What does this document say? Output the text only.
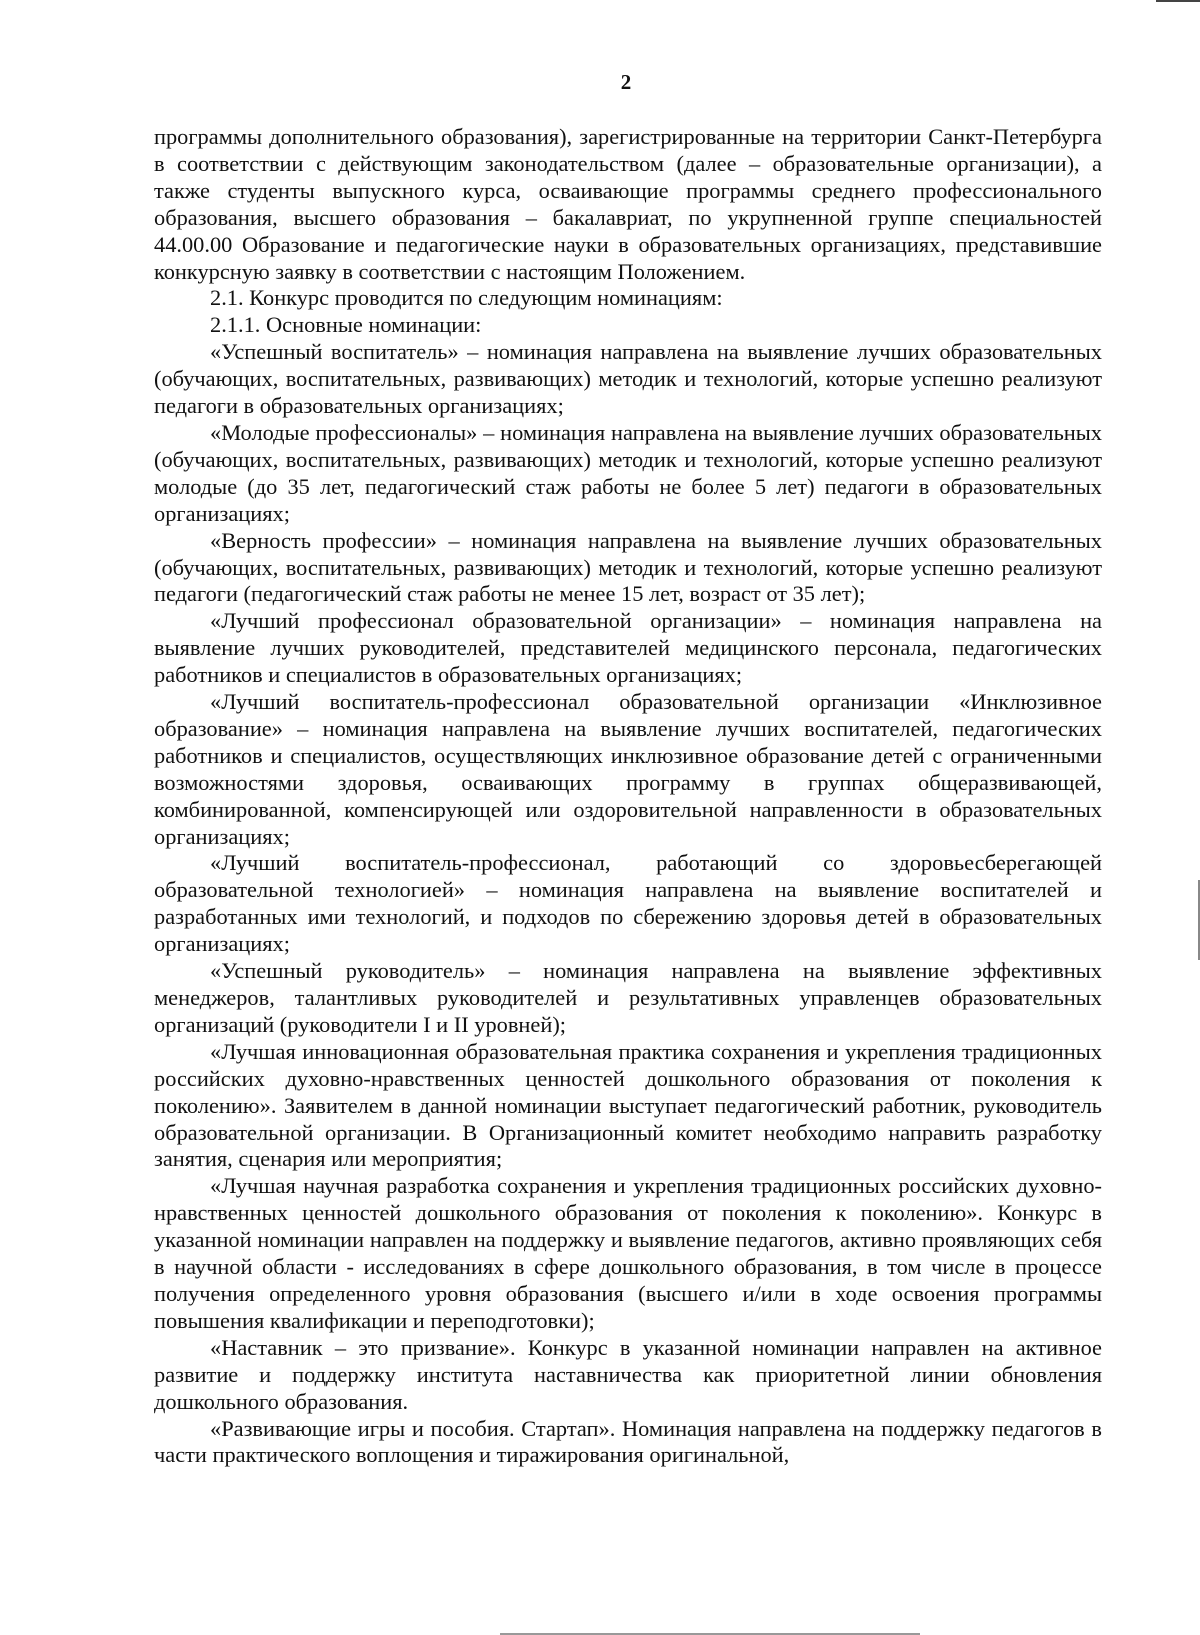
2

программы дополнительного образования), зарегистрированные на территории Санкт-Петербурга в соответствии с действующим законодательством (далее – образовательные организации), а также студенты выпускного курса, осваивающие программы среднего профессионального образования, высшего образования – бакалавриат, по укрупненной группе специальностей 44.00.00 Образование и педагогические науки в образовательных организациях, представившие конкурсную заявку в соответствии с настоящим Положением.

2.1. Конкурс проводится по следующим номинациям:

2.1.1. Основные номинации:

«Успешный воспитатель» – номинация направлена на выявление лучших образовательных (обучающих, воспитательных, развивающих) методик и технологий, которые успешно реализуют педагоги в образовательных организациях;

«Молодые профессионалы» – номинация направлена на выявление лучших образовательных (обучающих, воспитательных, развивающих) методик и технологий, которые успешно реализуют молодые (до 35 лет, педагогический стаж работы не более 5 лет) педагоги в образовательных организациях;

«Верность профессии» – номинация направлена на выявление лучших образовательных (обучающих, воспитательных, развивающих) методик и технологий, которые успешно реализуют педагоги (педагогический стаж работы не менее 15 лет, возраст от 35 лет);

«Лучший профессионал образовательной организации» – номинация направлена на выявление лучших руководителей, представителей медицинского персонала, педагогических работников и специалистов в образовательных организациях;

«Лучший воспитатель-профессионал образовательной организации «Инклюзивное образование» – номинация направлена на выявление лучших воспитателей, педагогических работников и специалистов, осуществляющих инклюзивное образование детей с ограниченными возможностями здоровья, осваивающих программу в группах общеразвивающей, комбинированной, компенсирующей или оздоровительной направленности в образовательных организациях;

«Лучший воспитатель-профессионал, работающий со здоровьесберегающей образовательной технологией» – номинация направлена на выявление воспитателей и разработанных ими технологий, и подходов по сбережению здоровья детей в образовательных организациях;

«Успешный руководитель» – номинация направлена на выявление эффективных менеджеров, талантливых руководителей и результативных управленцев образовательных организаций (руководители I и II уровней);

«Лучшая инновационная образовательная практика сохранения и укрепления традиционных российских духовно-нравственных ценностей дошкольного образования от поколения к поколению». Заявителем в данной номинации выступает педагогический работник, руководитель образовательной организации. В Организационный комитет необходимо направить разработку занятия, сценария или мероприятия;

«Лучшая научная разработка сохранения и укрепления традиционных российских духовно-нравственных ценностей дошкольного образования от поколения к поколению». Конкурс в указанной номинации направлен на поддержку и выявление педагогов, активно проявляющих себя в научной области - исследованиях в сфере дошкольного образования, в том числе в процессе получения определенного уровня образования (высшего и/или в ходе освоения программы повышения квалификации и переподготовки);

«Наставник – это призвание». Конкурс в указанной номинации направлен на активное развитие и поддержку института наставничества как приоритетной линии обновления дошкольного образования.

«Развивающие игры и пособия. Стартап». Номинация направлена на поддержку педагогов в части практического воплощения и тиражирования оригинальной,
